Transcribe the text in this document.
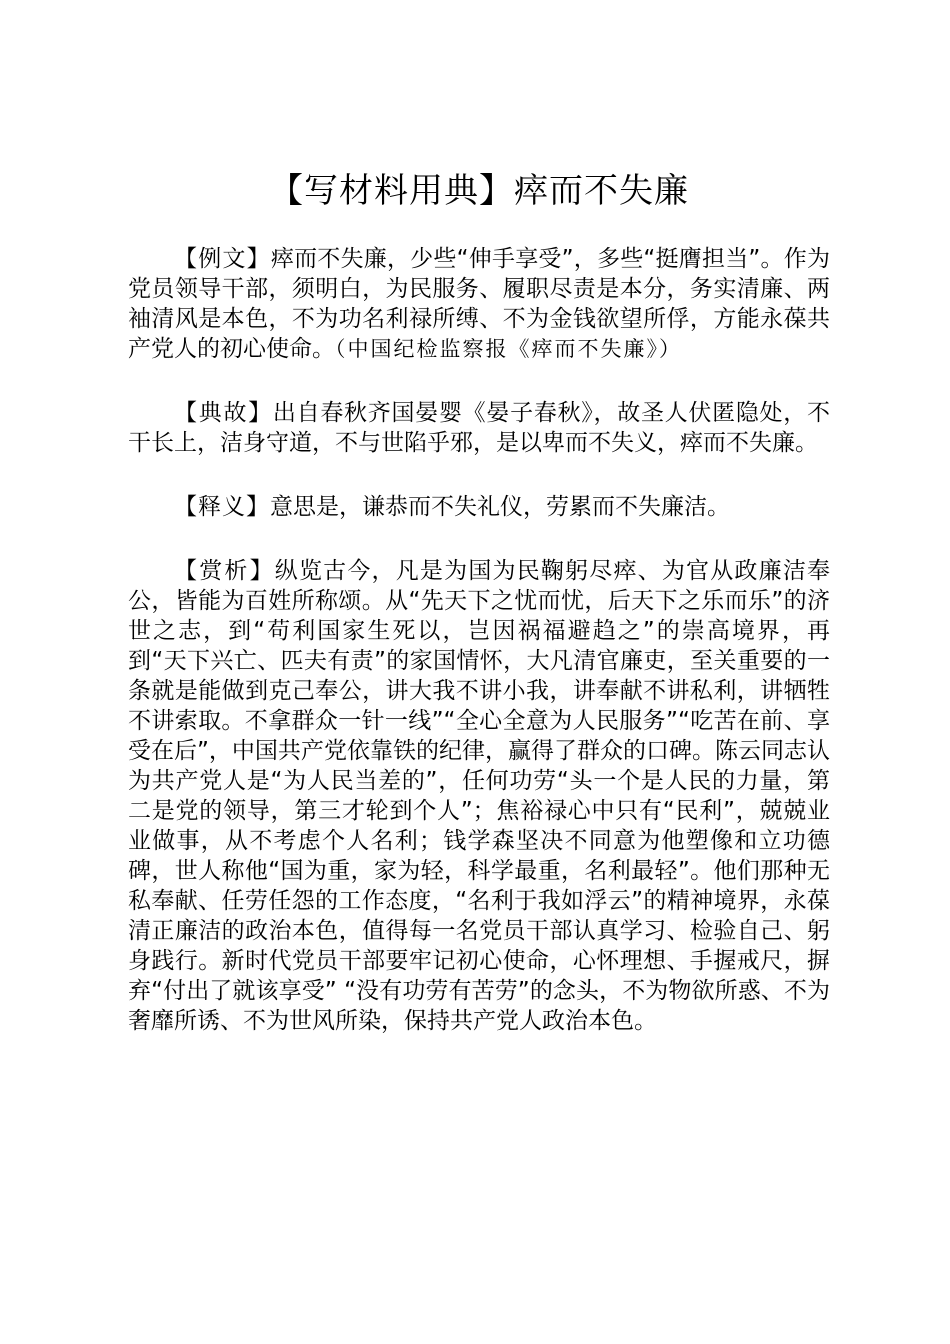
【写材料用典】瘁而不失廉

【例文】瘁而不失廉，少些“伸手享受”，多些“挺膺担当”。作为党员领导干部，须明白，为民服务、履职尽责是本分，务实清廉、两袖清风是本色，不为功名利禄所缚、不为金钱欲望所俘，方能永葆共产党人的初心使命。（中国纪检监察报《瘁而不失廉》）

【典故】出自春秋齐国晏婴《晏子春秋》，故圣人伏匿隐处，不干长上，洁身守道，不与世陷乎邪，是以卑而不失义，瘁而不失廉。

【释义】意思是，谦恭而不失礼仪，劳累而不失廉洁。

【赏析】纵览古今，凡是为国为民鞠躬尽瘁、为官从政廉洁奉公，皆能为百姓所称颂。从“先天下之忧而忧，后天下之乐而乐”的济世之志，到“苟利国家生死以，岂因祸福避趋之”的崇高境界，再到“天下兴亡、匹夫有责”的家国情怀，大凡清官廉吏，至关重要的一条就是能做到克己奉公，讲大我不讲小我，讲奉献不讲私利，讲牺牲不讲索取。不拿群众一针一线”“全心全意为人民服务”“吃苦在前、享受在后”，中国共产党依靠铁的纪律，赢得了群众的口碑。陈云同志认为共产党人是“为人民当差的”，任何功劳“头一个是人民的力量，第二是党的领导，第三才轮到个人”；焦裕禄心中只有“民利”，兢兢业业做事，从不考虑个人名利；钱学森坚决不同意为他塑像和立功德碑，世人称他“国为重，家为轻，科学最重，名利最轻”。他们那种无私奉献、任劳任怨的工作态度，“名利于我如浮云”的精神境界，永葆清正廉洁的政治本色，值得每一名党员干部认真学习、检验自己、躬身践行。新时代党员干部要牢记初心使命，心怀理想、手握戒尺，摒弃“付出了就该享受” “没有功劳有苦劳”的念头，不为物欲所惑、不为奢靡所诱、不为世风所染，保持共产党人政治本色。
